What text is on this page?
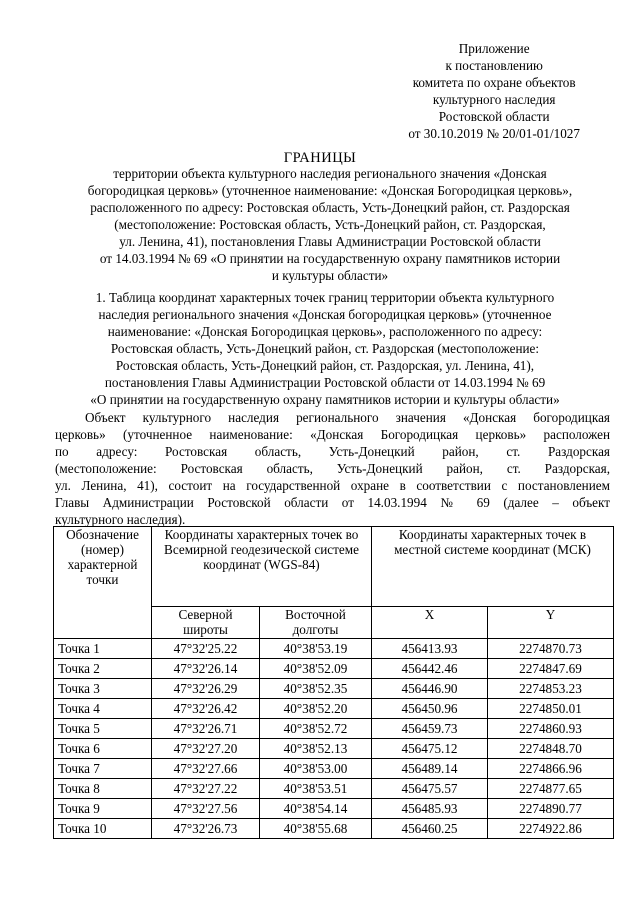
Приложение
к постановлению
комитета по охране объектов
культурного наследия
Ростовской области
от 30.10.2019 № 20/01-01/1027
ГРАНИЦЫ
территории объекта культурного наследия регионального значения «Донская
богородицкая церковь» (уточненное наименование: «Донская Богородицкая церковь»,
расположенного по адресу: Ростовская область, Усть-Донецкий район, ст. Раздорская
(местоположение: Ростовская область, Усть-Донецкий район, ст. Раздорская,
ул. Ленина, 41), постановления Главы Администрации Ростовской области
от 14.03.1994 № 69 «О принятии на государственную охрану памятников истории
и культуры области»
1. Таблица координат характерных точек границ территории объекта культурного
наследия регионального значения «Донская богородицкая церковь» (уточненное
наименование: «Донская Богородицкая церковь», расположенного по адресу:
Ростовская область, Усть-Донецкий район, ст. Раздорская (местоположение:
Ростовская область, Усть-Донецкий район, ст. Раздорская, ул. Ленина, 41),
постановления Главы Администрации Ростовской области от 14.03.1994 № 69
«О принятии на государственную охрану памятников истории и культуры области»
Объект культурного наследия регионального значения «Донская богородицкая
церковь» (уточненное наименование: «Донская Богородицкая церковь» расположен
по адресу: Ростовская область, Усть-Донецкий район, ст. Раздорская
(местоположение: Ростовская область, Усть-Донецкий район, ст. Раздорская,
ул. Ленина, 41), состоит на государственной охране в соответствии с постановлением
Главы Администрации Ростовской области от 14.03.1994 № 69 (далее – объект
культурного наследия).
Обозначение (номер) характерной точки	Координаты характерных точек во Всемирной геодезической системе координат (WGS-84)		Координаты характерных точек в местной системе координат (МСК)	
	Северной широты	Восточной долготы	X	Y
Точка 1	47°32'25.22	40°38'53.19	456413.93	2274870.73
Точка 2	47°32'26.14	40°38'52.09	456442.46	2274847.69
Точка 3	47°32'26.29	40°38'52.35	456446.90	2274853.23
Точка 4	47°32'26.42	40°38'52.20	456450.96	2274850.01
Точка 5	47°32'26.71	40°38'52.72	456459.73	2274860.93
Точка 6	47°32'27.20	40°38'52.13	456475.12	2274848.70
Точка 7	47°32'27.66	40°38'53.00	456489.14	2274866.96
Точка 8	47°32'27.22	40°38'53.51	456475.57	2274877.65
Точка 9	47°32'27.56	40°38'54.14	456485.93	2274890.77
Точка 10	47°32'26.73	40°38'55.68	456460.25	2274922.86
